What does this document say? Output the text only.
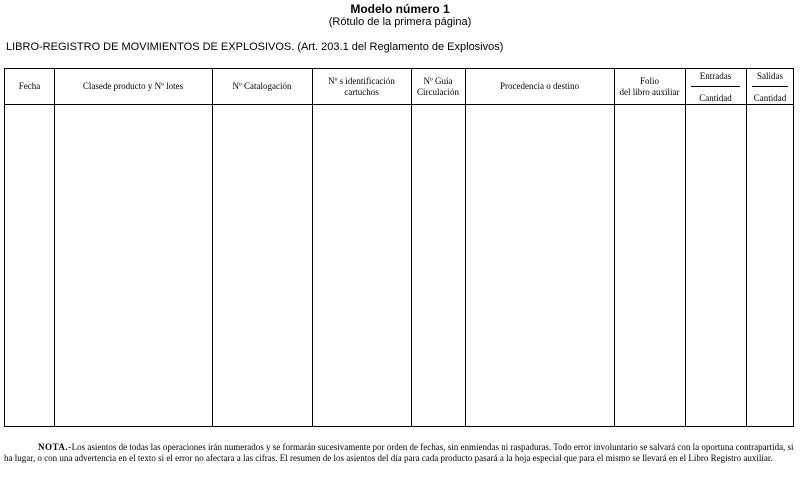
Modelo número 1
(Rótulo de la primera página)
LIBRO-REGISTRO DE MOVIMIENTOS DE EXPLOSIVOS. (Art. 203.1 del Reglamento de Explosivos)
Fecha	Clasede producto y Nº lotes	Nº Catalogación
Nº s identificación
cartuchos
Nº Guía
Circulación
Procedencia o destino
Folio
del libro auxiliar
Entradas
Cantidad
Salidas
Cantidad
NOTA.-Los asientos de todas las operaciones irán numerados y se formarán sucesivamente por orden de fechas, sin enmiendas ni raspaduras. Todo error involuntario se salvará con la oportuna contrapartida, si ha lugar, o con una advertencia en el texto si el error no afectara a las cifras. El resumen de los asientos del día para cada producto pasará a la hoja especial que para el mismo se llevará en el Libro Registro auxiliar.
